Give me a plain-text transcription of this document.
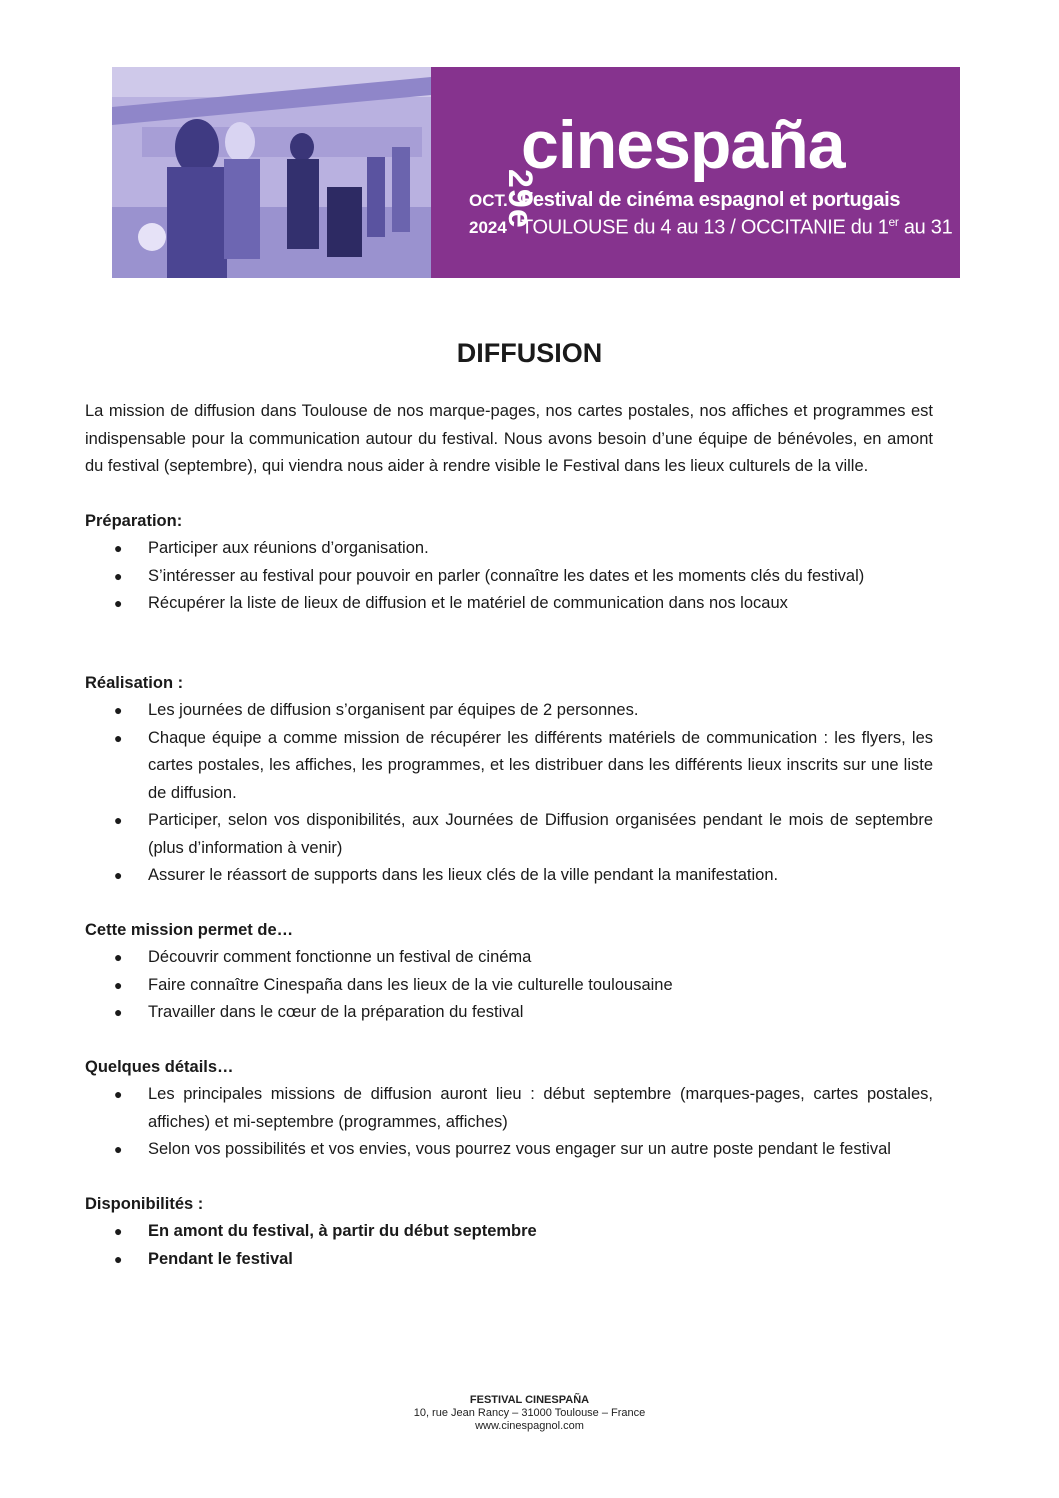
29e
cinespaña
OCT.
2024
Festival de cinéma espagnol et portugais
TOULOUSE du 4 au 13 / OCCITANIE du 1er au 31
DIFFUSION

La mission de diffusion dans Toulouse de nos marque-pages, nos cartes postales, nos affiches et programmes est indispensable pour la communication autour du festival. Nous avons besoin d’une équipe de bénévoles, en amont du festival (septembre), qui viendra nous aider à rendre visible le Festival dans les lieux culturels de la ville.

Préparation:
● Participer aux réunions d’organisation.
● S’intéresser au festival pour pouvoir en parler (connaître les dates et les moments clés du festival)
● Récupérer la liste de lieux de diffusion et le matériel de communication dans nos locaux
Réalisation :
● Les journées de diffusion s’organisent par équipes de 2 personnes.
● Chaque équipe a comme mission de récupérer les différents matériels de communication : les flyers, les cartes postales, les affiches, les programmes, et les distribuer dans les différents lieux inscrits sur une liste de diffusion.
● Participer, selon vos disponibilités, aux Journées de Diffusion organisées pendant le mois de septembre (plus d’information à venir)
● Assurer le réassort de supports dans les lieux clés de la ville pendant la manifestation.
Cette mission permet de…
● Découvrir comment fonctionne un festival de cinéma
● Faire connaître Cinespaña dans les lieux de la vie culturelle toulousaine
● Travailler dans le cœur de la préparation du festival
Quelques détails…
● Les principales missions de diffusion auront lieu : début septembre (marques-pages, cartes postales, affiches) et mi-septembre (programmes, affiches)
● Selon vos possibilités et vos envies, vous pourrez vous engager sur un autre poste pendant le festival
Disponibilités :
● En amont du festival, à partir du début septembre
● Pendant le festival
FESTIVAL CINESPAÑA
10, rue Jean Rancy – 31000 Toulouse – France
www.cinespagnol.com
